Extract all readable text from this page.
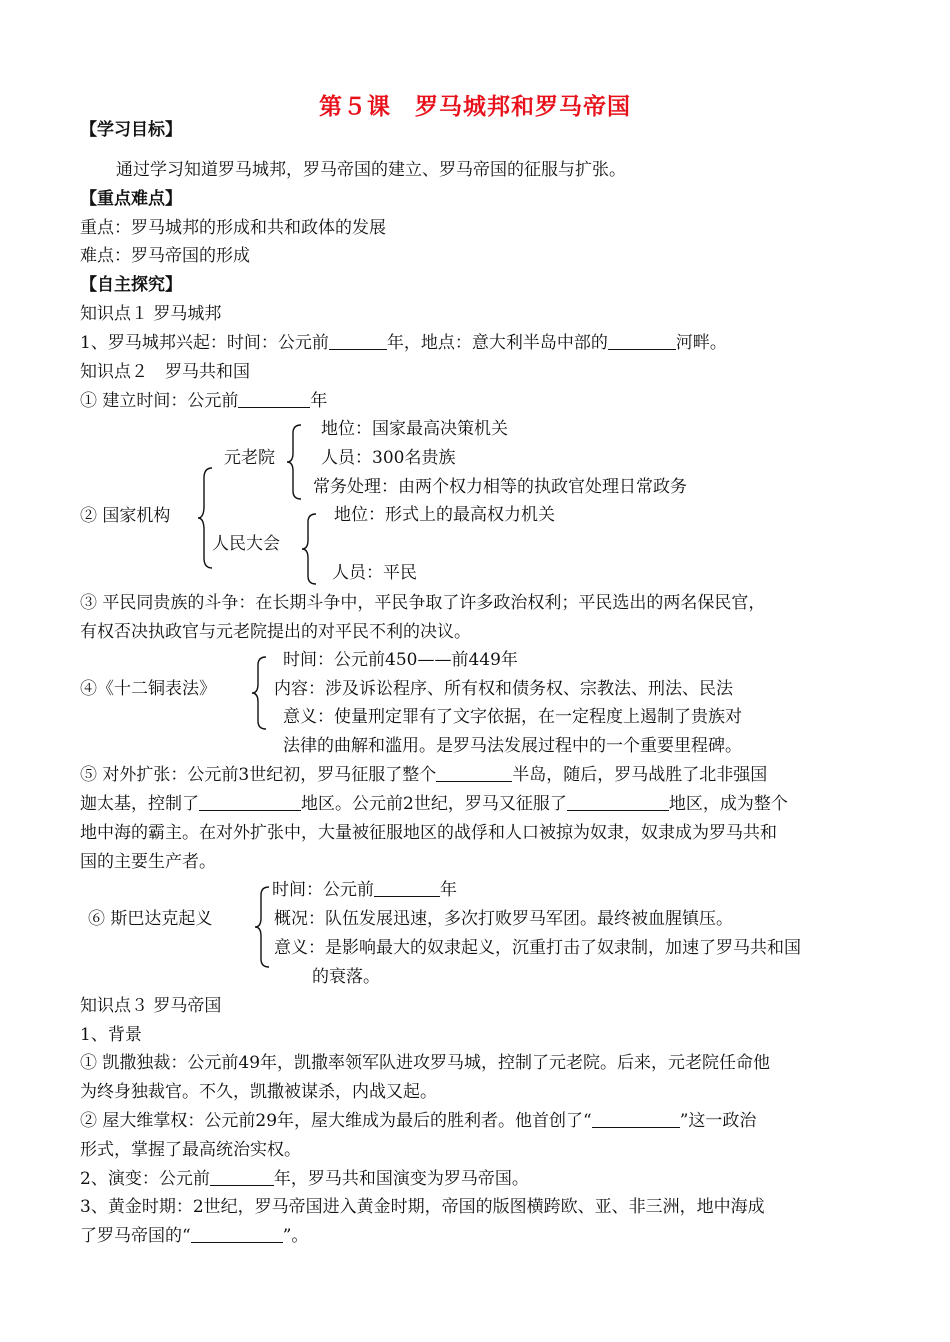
第５课　罗马城邦和罗马帝国
【学习目标】
通过学习知道罗马城邦，罗马帝国的建立、罗马帝国的征服与扩张。
【重点难点】
重点：罗马城邦的形成和共和政体的发展
难点：罗马帝国的形成
【自主探究】
知识点１ 罗马城邦
1、罗马城邦兴起：时间：公元前	年，地点：意大利半岛中部的	河畔。
知识点２　罗马共和国
① 建立时间：公元前	年
② 国家机构
元老院
人民大会
地位：国家最高决策机关
人员：300名贵族
常务处理：由两个权力相等的执政官处理日常政务
地位：形式上的最高权力机关
人员：平民
③ 平民同贵族的斗争：在长期斗争中，平民争取了许多政治权利；平民选出的两名保民官，
有权否决执政官与元老院提出的对平民不利的决议。
④《十二铜表法》
时间：公元前450——前449年
内容：涉及诉讼程序、所有权和债务权、宗教法、刑法、民法
意义：使量刑定罪有了文字依据，在一定程度上遏制了贵族对
法律的曲解和滥用。是罗马法发展过程中的一个重要里程碑。
⑤ 对外扩张：公元前3世纪初，罗马征服了整个	半岛，随后，罗马战胜了北非强国
迦太基，控制了	地区。公元前2世纪，罗马又征服了	地区，成为整个
地中海的霸主。在对外扩张中，大量被征服地区的战俘和人口被掠为奴隶，奴隶成为罗马共和
国的主要生产者。
⑥ 斯巴达克起义
时间：公元前	年
概况：队伍发展迅速，多次打败罗马军团。最终被血腥镇压。
意义：是影响最大的奴隶起义，沉重打击了奴隶制，加速了罗马共和国
的衰落。
知识点３ 罗马帝国
1、背景
① 凯撒独裁：公元前49年，凯撒率领军队进攻罗马城，控制了元老院。后来，元老院任命他
为终身独裁官。不久，凯撒被谋杀，内战又起。
② 屋大维掌权：公元前29年，屋大维成为最后的胜利者。他首创了“	”这一政治
形式，掌握了最高统治实权。
2、演变：公元前	年，罗马共和国演变为罗马帝国。
3、黄金时期：2世纪，罗马帝国进入黄金时期，帝国的版图横跨欧、亚、非三洲，地中海成
了罗马帝国的“	”。
